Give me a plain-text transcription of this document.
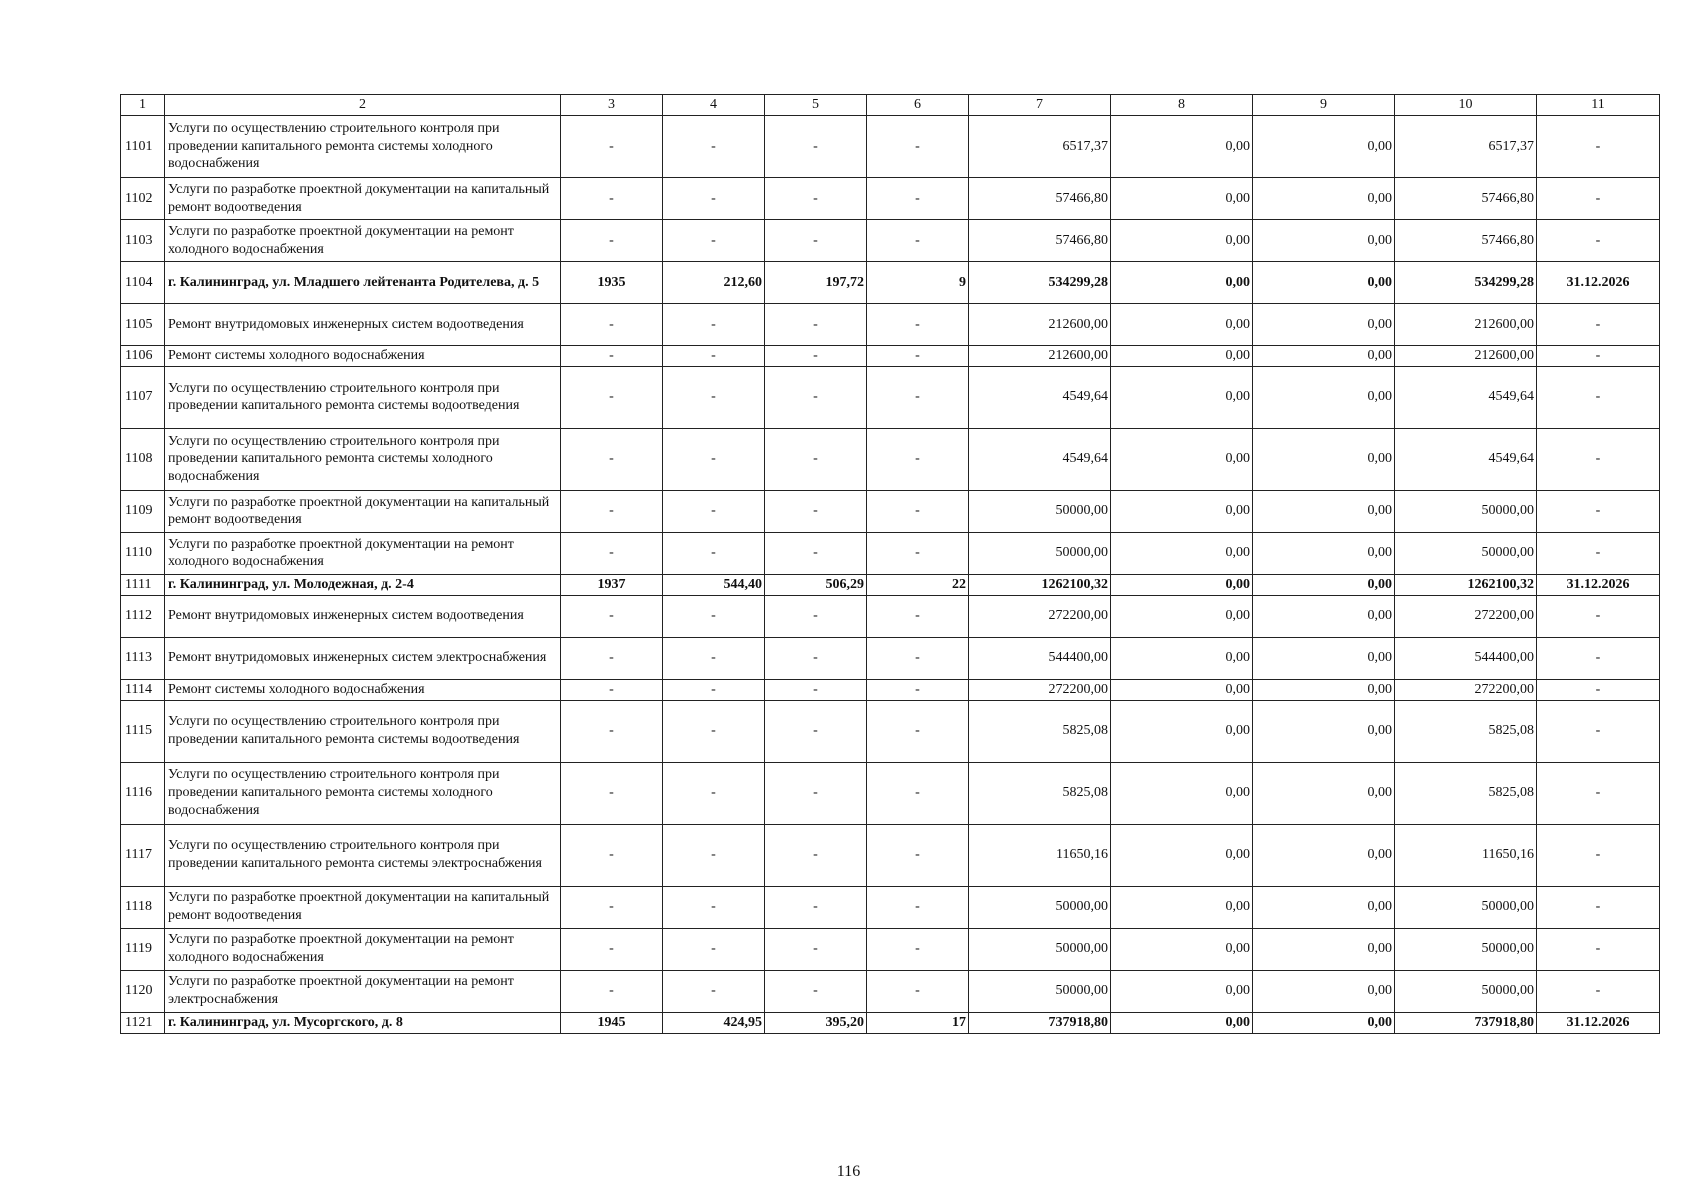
1	2	3	4	5	6	7	8	9	10	11
1101	Услуги по осуществлению строительного контроля при проведении капитального ремонта системы холодного водоснабжения	-	-	-	-	6517,37	0,00	0,00	6517,37	-
1102	Услуги по разработке проектной документации на капитальный ремонт водоотведения	-	-	-	-	57466,80	0,00	0,00	57466,80	-
1103	Услуги по разработке проектной документации на ремонт холодного водоснабжения	-	-	-	-	57466,80	0,00	0,00	57466,80	-
1104	г. Калининград, ул. Младшего лейтенанта Родителева, д. 5	1935	212,60	197,72	9	534299,28	0,00	0,00	534299,28	31.12.2026
1105	Ремонт внутридомовых инженерных систем водоотведения	-	-	-	-	212600,00	0,00	0,00	212600,00	-
1106	Ремонт системы холодного водоснабжения	-	-	-	-	212600,00	0,00	0,00	212600,00	-
1107	Услуги по осуществлению строительного контроля при проведении капитального ремонта системы водоотведения	-	-	-	-	4549,64	0,00	0,00	4549,64	-
1108	Услуги по осуществлению строительного контроля при проведении капитального ремонта системы холодного водоснабжения	-	-	-	-	4549,64	0,00	0,00	4549,64	-
1109	Услуги по разработке проектной документации на капитальный ремонт водоотведения	-	-	-	-	50000,00	0,00	0,00	50000,00	-
1110	Услуги по разработке проектной документации на ремонт холодного водоснабжения	-	-	-	-	50000,00	0,00	0,00	50000,00	-
1111	г. Калининград, ул. Молодежная, д. 2-4	1937	544,40	506,29	22	1262100,32	0,00	0,00	1262100,32	31.12.2026
1112	Ремонт внутридомовых инженерных систем водоотведения	-	-	-	-	272200,00	0,00	0,00	272200,00	-
1113	Ремонт внутридомовых инженерных систем электроснабжения	-	-	-	-	544400,00	0,00	0,00	544400,00	-
1114	Ремонт системы холодного водоснабжения	-	-	-	-	272200,00	0,00	0,00	272200,00	-
1115	Услуги по осуществлению строительного контроля при проведении капитального ремонта системы водоотведения	-	-	-	-	5825,08	0,00	0,00	5825,08	-
1116	Услуги по осуществлению строительного контроля при проведении капитального ремонта системы холодного водоснабжения	-	-	-	-	5825,08	0,00	0,00	5825,08	-
1117	Услуги по осуществлению строительного контроля при проведении капитального ремонта системы электроснабжения	-	-	-	-	11650,16	0,00	0,00	11650,16	-
1118	Услуги по разработке проектной документации на капитальный ремонт водоотведения	-	-	-	-	50000,00	0,00	0,00	50000,00	-
1119	Услуги по разработке проектной документации на ремонт холодного водоснабжения	-	-	-	-	50000,00	0,00	0,00	50000,00	-
1120	Услуги по разработке проектной документации на ремонт электроснабжения	-	-	-	-	50000,00	0,00	0,00	50000,00	-
1121	г. Калининград, ул. Мусоргского, д. 8	1945	424,95	395,20	17	737918,80	0,00	0,00	737918,80	31.12.2026
116
